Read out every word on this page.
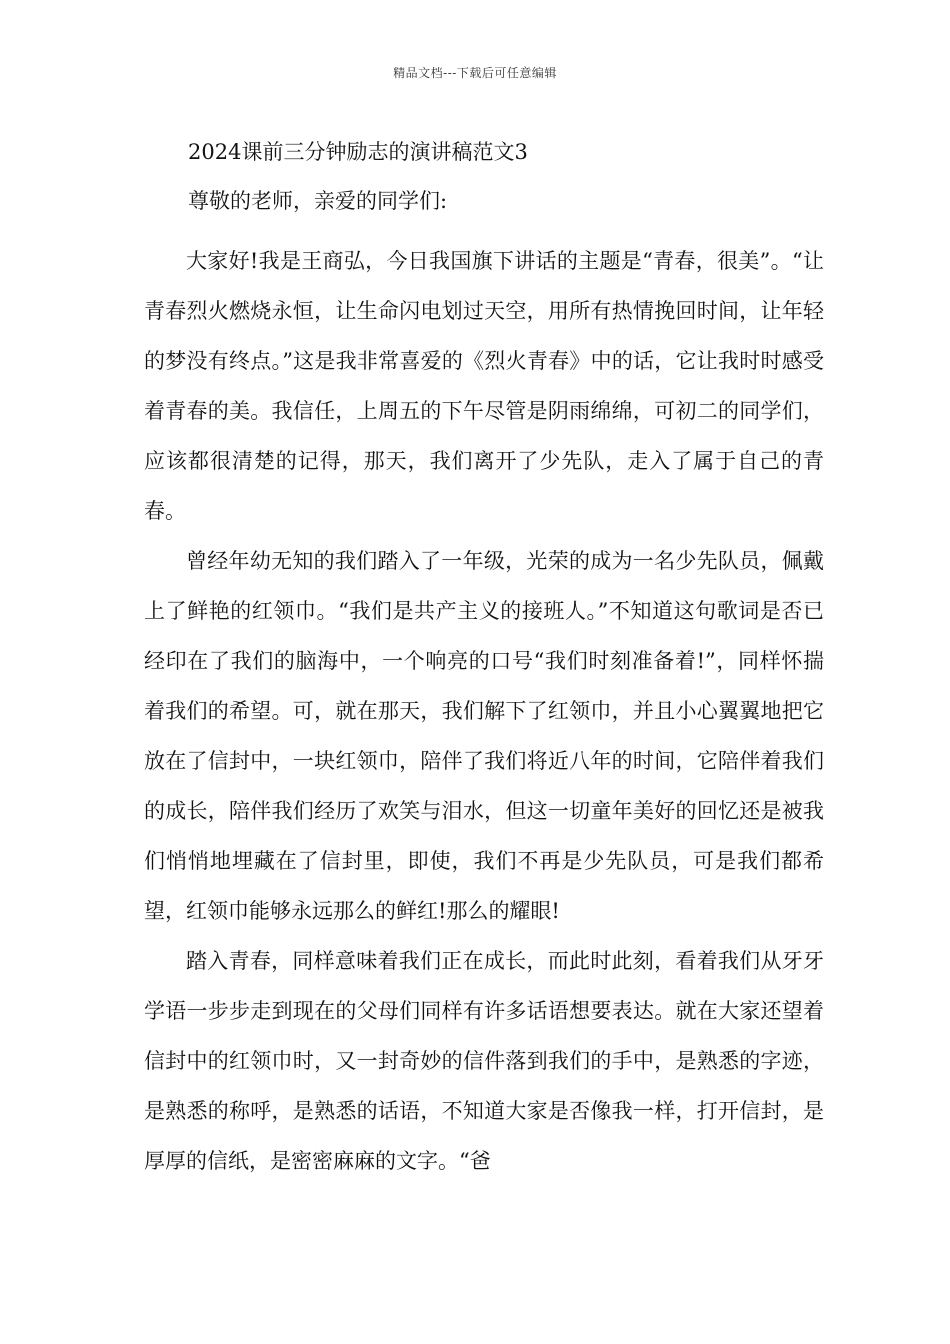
精品文档---下载后可任意编辑
2024课前三分钟励志的演讲稿范文3
尊敬的老师，亲爱的同学们:

大家好!我是王商弘，今日我国旗下讲话的主题是“青春，很美”。“让青春烈火燃烧永恒，让生命闪电划过天空，用所有热情挽回时间，让年轻的梦没有终点。”这是我非常喜爱的《烈火青春》中的话，它让我时时感受着青春的美。我信任，上周五的下午尽管是阴雨绵绵，可初二的同学们，应该都很清楚的记得，那天，我们离开了少先队，走入了属于自己的青春。

曾经年幼无知的我们踏入了一年级，光荣的成为一名少先队员，佩戴上了鲜艳的红领巾。“我们是共产主义的接班人。”不知道这句歌词是否已经印在了我们的脑海中，一个响亮的口号“我们时刻准备着!”，同样怀揣着我们的希望。可，就在那天，我们解下了红领巾，并且小心翼翼地把它放在了信封中，一块红领巾，陪伴了我们将近八年的时间，它陪伴着我们的成长，陪伴我们经历了欢笑与泪水，但这一切童年美好的回忆还是被我们悄悄地埋藏在了信封里，即使，我们不再是少先队员，可是我们都希望，红领巾能够永远那么的鲜红!那么的耀眼!

踏入青春，同样意味着我们正在成长，而此时此刻，看着我们从牙牙学语一步步走到现在的父母们同样有许多话语想要表达。就在大家还望着信封中的红领巾时，又一封奇妙的信件落到我们的手中，是熟悉的字迹，是熟悉的称呼，是熟悉的话语，不知道大家是否像我一样，打开信封，是厚厚的信纸，是密密麻麻的文字。“爸
